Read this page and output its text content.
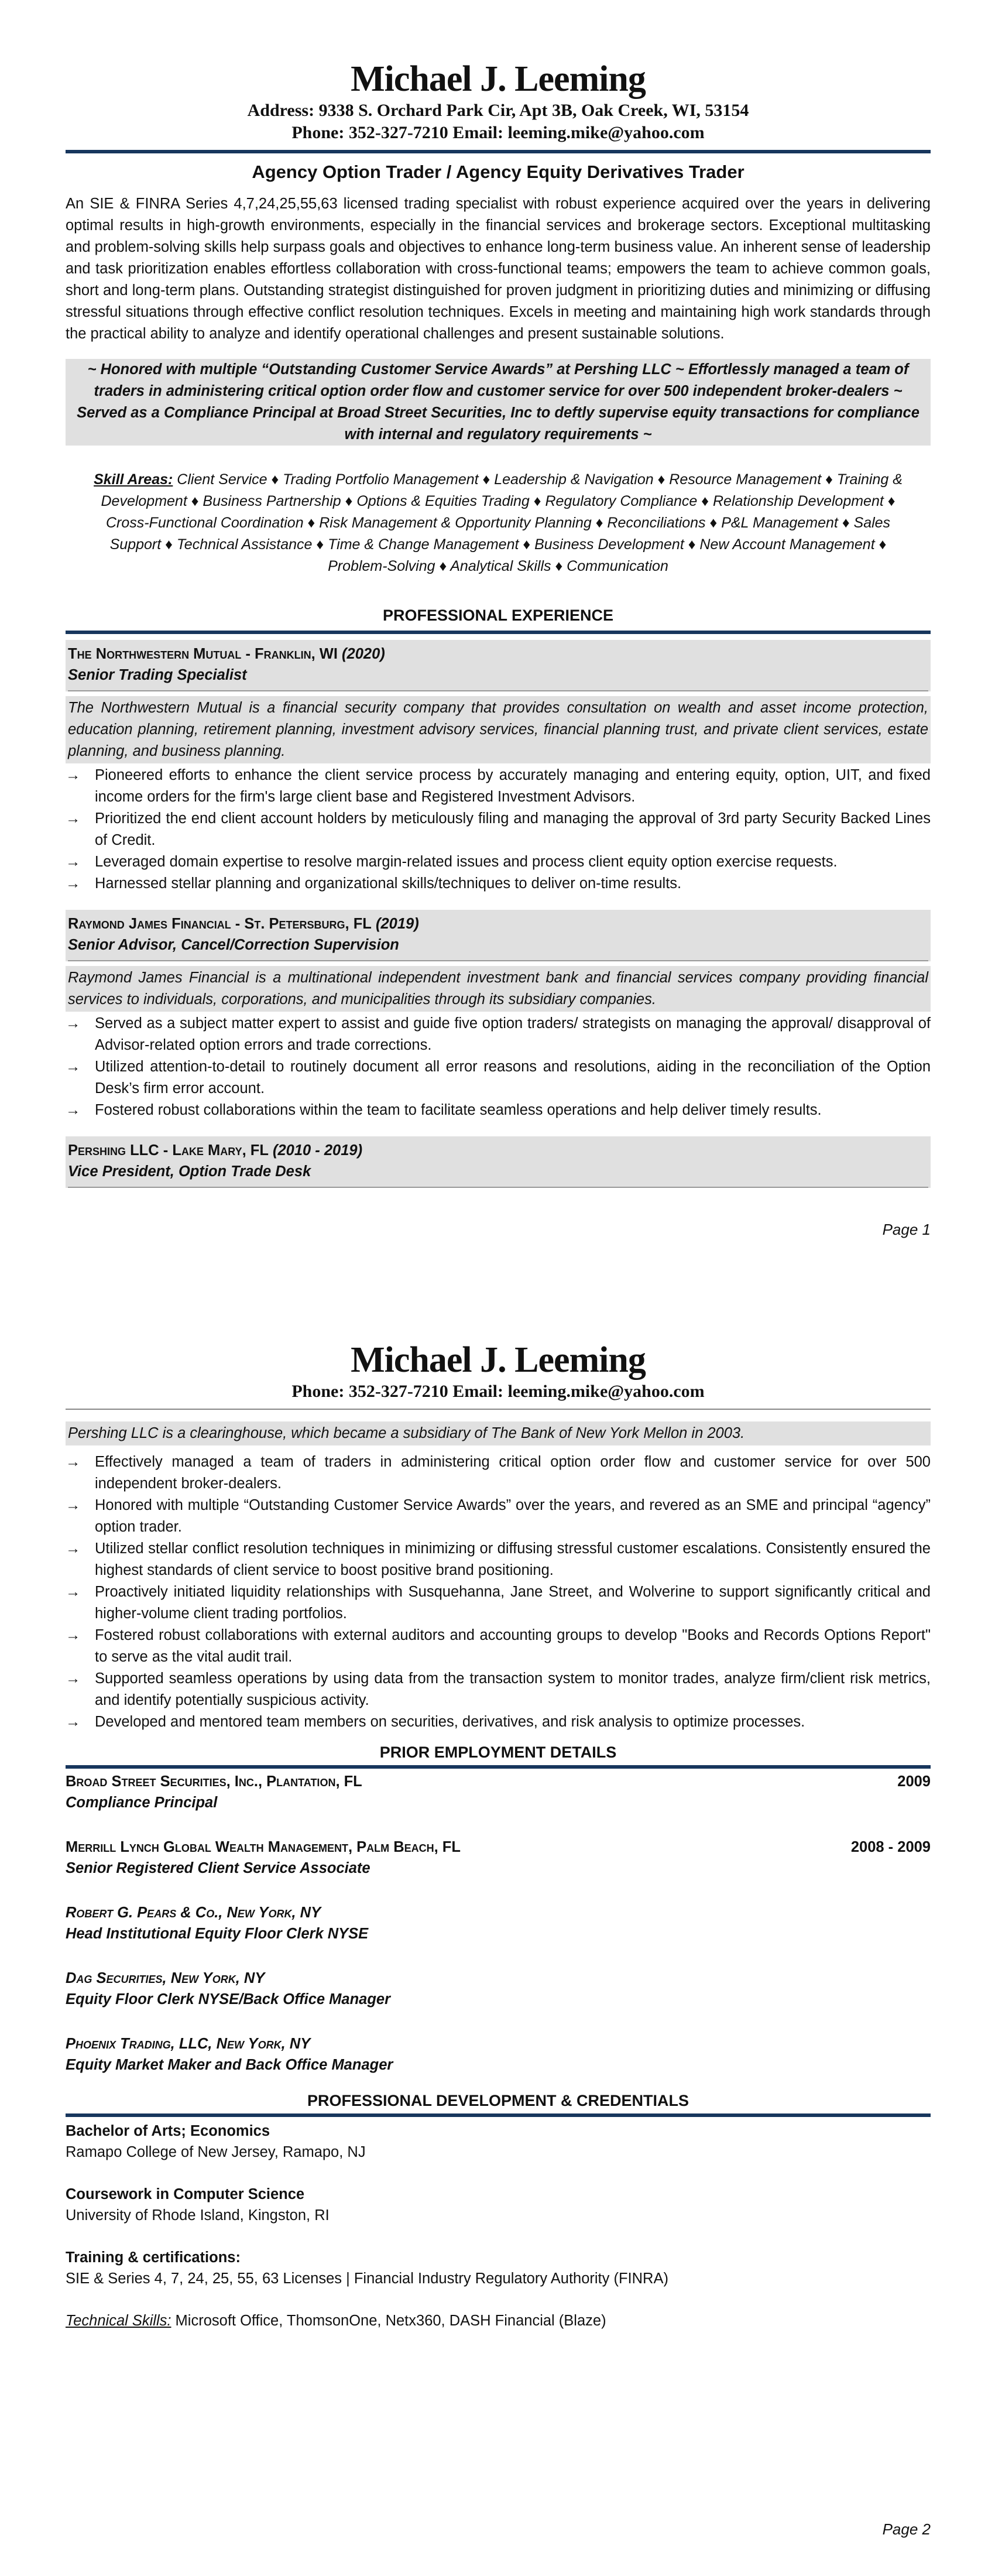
Michael J. Leeming
Address: 9338 S. Orchard Park Cir, Apt 3B, Oak Creek, WI, 53154
Phone: 352-327-7210 Email: leeming.mike@yahoo.com
Agency Option Trader / Agency Equity Derivatives Trader
An SIE & FINRA Series 4,7,24,25,55,63 licensed trading specialist with robust experience acquired over the years in delivering optimal results in high-growth environments, especially in the financial services and brokerage sectors. Exceptional multitasking and problem-solving skills help surpass goals and objectives to enhance long-term business value. An inherent sense of leadership and task prioritization enables effortless collaboration with cross-functional teams; empowers the team to achieve common goals, short and long-term plans. Outstanding strategist distinguished for proven judgment in prioritizing duties and minimizing or diffusing stressful situations through effective conflict resolution techniques. Excels in meeting and maintaining high work standards through the practical ability to analyze and identify operational challenges and present sustainable solutions.
~ Honored with multiple “Outstanding Customer Service Awards” at Pershing LLC ~ Effortlessly managed a team of traders in administering critical option order flow and customer service for over 500 independent broker-dealers ~ Served as a Compliance Principal at Broad Street Securities, Inc to deftly supervise equity transactions for compliance with internal and regulatory requirements ~
Skill Areas: Client Service ♦ Trading Portfolio Management ♦ Leadership & Navigation ♦ Resource Management ♦ Training & Development ♦ Business Partnership ♦ Options & Equities Trading ♦ Regulatory Compliance ♦ Relationship Development ♦ Cross-Functional Coordination ♦ Risk Management & Opportunity Planning ♦ Reconciliations ♦ P&L Management ♦ Sales Support ♦ Technical Assistance ♦ Time & Change Management ♦ Business Development ♦ New Account Management ♦ Problem-Solving ♦ Analytical Skills ♦ Communication
PROFESSIONAL EXPERIENCE
The Northwestern Mutual - Franklin, WI (2020)
Senior Trading Specialist
The Northwestern Mutual is a financial security company that provides consultation on wealth and asset income protection, education planning, retirement planning, investment advisory services, financial planning trust, and private client services, estate planning, and business planning.
→ Pioneered efforts to enhance the client service process by accurately managing and entering equity, option, UIT, and fixed income orders for the firm's large client base and Registered Investment Advisors.
→ Prioritized the end client account holders by meticulously filing and managing the approval of 3rd party Security Backed Lines of Credit.
→ Leveraged domain expertise to resolve margin-related issues and process client equity option exercise requests.
→ Harnessed stellar planning and organizational skills/techniques to deliver on-time results.
Raymond James Financial - St. Petersburg, FL (2019)
Senior Advisor, Cancel/Correction Supervision
Raymond James Financial is a multinational independent investment bank and financial services company providing financial services to individuals, corporations, and municipalities through its subsidiary companies.
→ Served as a subject matter expert to assist and guide five option traders/ strategists on managing the approval/ disapproval of Advisor-related option errors and trade corrections.
→ Utilized attention-to-detail to routinely document all error reasons and resolutions, aiding in the reconciliation of the Option Desk’s firm error account.
→ Fostered robust collaborations within the team to facilitate seamless operations and help deliver timely results.
Pershing LLC - Lake Mary, FL (2010 - 2019)
Vice President, Option Trade Desk
Page 1
Michael J. Leeming
Phone: 352-327-7210 Email: leeming.mike@yahoo.com
Pershing LLC is a clearinghouse, which became a subsidiary of The Bank of New York Mellon in 2003.
→ Effectively managed a team of traders in administering critical option order flow and customer service for over 500 independent broker-dealers.
→ Honored with multiple “Outstanding Customer Service Awards” over the years, and revered as an SME and principal “agency” option trader.
→ Utilized stellar conflict resolution techniques in minimizing or diffusing stressful customer escalations. Consistently ensured the highest standards of client service to boost positive brand positioning.
→ Proactively initiated liquidity relationships with Susquehanna, Jane Street, and Wolverine to support significantly critical and higher-volume client trading portfolios.
→ Fostered robust collaborations with external auditors and accounting groups to develop "Books and Records Options Report" to serve as the vital audit trail.
→ Supported seamless operations by using data from the transaction system to monitor trades, analyze firm/client risk metrics, and identify potentially suspicious activity.
→ Developed and mentored team members on securities, derivatives, and risk analysis to optimize processes.
PRIOR EMPLOYMENT DETAILS
Broad Street Securities, Inc., Plantation, FL	2009
Compliance Principal
Merrill Lynch Global Wealth Management, Palm Beach, FL	2008 - 2009
Senior Registered Client Service Associate
Robert G. Pears & Co., New York, NY
Head Institutional Equity Floor Clerk NYSE
Dag Securities, New York, NY
Equity Floor Clerk NYSE/Back Office Manager
Phoenix Trading, LLC, New York, NY
Equity Market Maker and Back Office Manager
PROFESSIONAL DEVELOPMENT & CREDENTIALS
Bachelor of Arts; Economics
Ramapo College of New Jersey, Ramapo, NJ
Coursework in Computer Science
University of Rhode Island, Kingston, RI
Training & certifications:
SIE & Series 4, 7, 24, 25, 55, 63 Licenses | Financial Industry Regulatory Authority (FINRA)
Technical Skills: Microsoft Office, ThomsonOne, Netx360, DASH Financial (Blaze)
Page 2
